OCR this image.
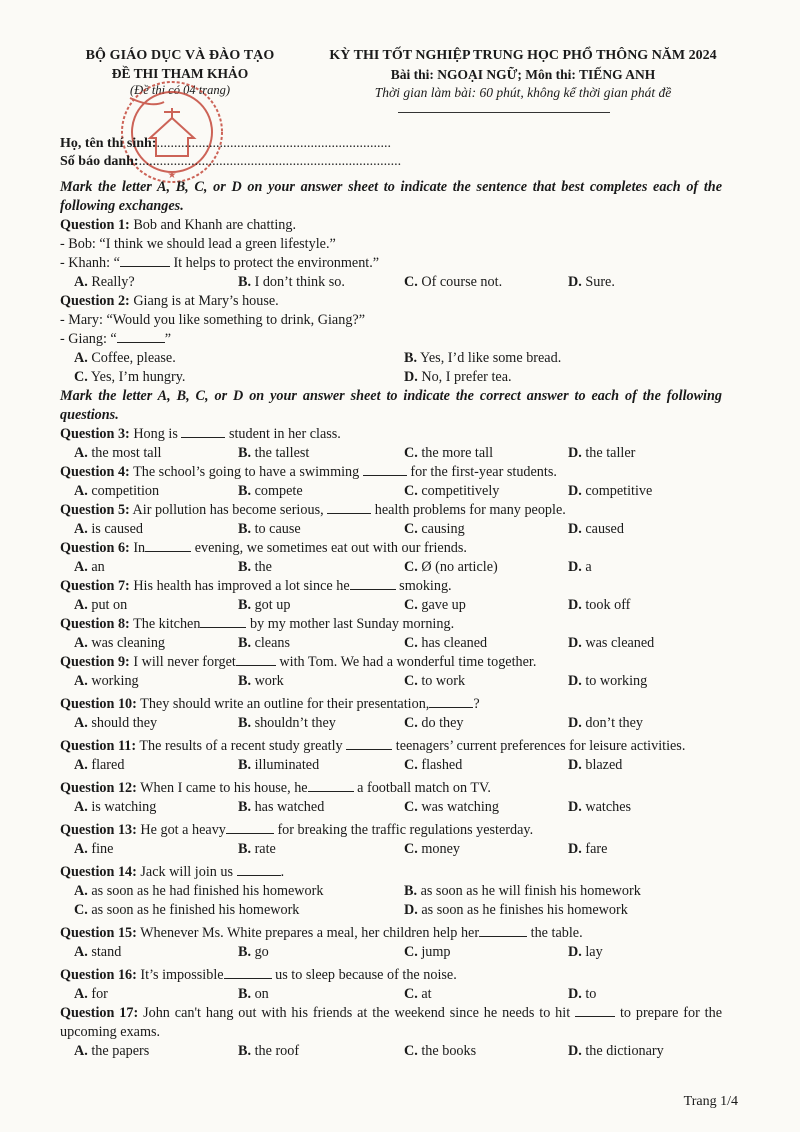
BỘ GIÁO DỤC VÀ ĐÀO TẠO
ĐỀ THI THAM KHẢO
(Đề thi có 04 trang)
KỲ THI TỐT NGHIỆP TRUNG HỌC PHỔ THÔNG NĂM 2024
Bài thi: NGOẠI NGỮ; Môn thi: TIẾNG ANH
Thời gian làm bài: 60 phút, không kể thời gian phát đề
★
Họ, tên thí sinh:...................................................................
Số báo danh:...........................................................................
Mark the letter A, B, C, or D on your answer sheet to indicate the sentence that best completes each of the following exchanges.
Question 1: Bob and Khanh are chatting.
- Bob: “I think we should lead a green lifestyle.”
- Khanh: “	It helps to protect the environment.”
A. Really?	B. I don’t think so.	C. Of course not.	D. Sure.
Question 2: Giang is at Mary’s house.
- Mary: “Would you like something to drink, Giang?”
- Giang: “	”
A. Coffee, please.	B. Yes, I’d like some bread.
C. Yes, I’m hungry.	D. No, I prefer tea.
Mark the letter A, B, C, or D on your answer sheet to indicate the correct answer to each of the following questions.
Question 3: Hong is	student in her class.
A. the most tall	B. the tallest	C. the more tall	D. the taller
Question 4: The school’s going to have a swimming	for the first-year students.
A. competition	B. compete	C. competitively	D. competitive
Question 5: Air pollution has become serious,	health problems for many people.
A. is caused	B. to cause	C. causing	D. caused
Question 6: In	evening, we sometimes eat out with our friends.
A. an	B. the	C. Ø (no article)	D. a
Question 7: His health has improved a lot since he	smoking.
A. put on	B. got up	C. gave up	D. took off
Question 8: The kitchen	by my mother last Sunday morning.
A. was cleaning	B. cleans	C. has cleaned	D. was cleaned
Question 9: I will never forget	with Tom. We had a wonderful time together.
A. working	B. work	C. to work	D. to working
Question 10: They should write an outline for their presentation,	?
A. should they	B. shouldn’t they	C. do they	D. don’t they
Question 11: The results of a recent study greatly	teenagers’ current preferences for leisure activities.
A. flared	B. illuminated	C. flashed	D. blazed
Question 12: When I came to his house, he	a football match on TV.
A. is watching	B. has watched	C. was watching	D. watches
Question 13: He got a heavy	for breaking the traffic regulations yesterday.
A. fine	B. rate	C. money	D. fare
Question 14: Jack will join us	.
A. as soon as he had finished his homework	B. as soon as he will finish his homework
C. as soon as he finished his homework	D. as soon as he finishes his homework
Question 15: Whenever Ms. White prepares a meal, her children help her	the table.
A. stand	B. go	C. jump	D. lay
Question 16: It’s impossible	us to sleep because of the noise.
A. for	B. on	C. at	D. to
Question 17: John can't hang out with his friends at the weekend since he needs to hit	to prepare for the upcoming exams.
A. the papers	B. the roof	C. the books	D. the dictionary
Trang 1/4
